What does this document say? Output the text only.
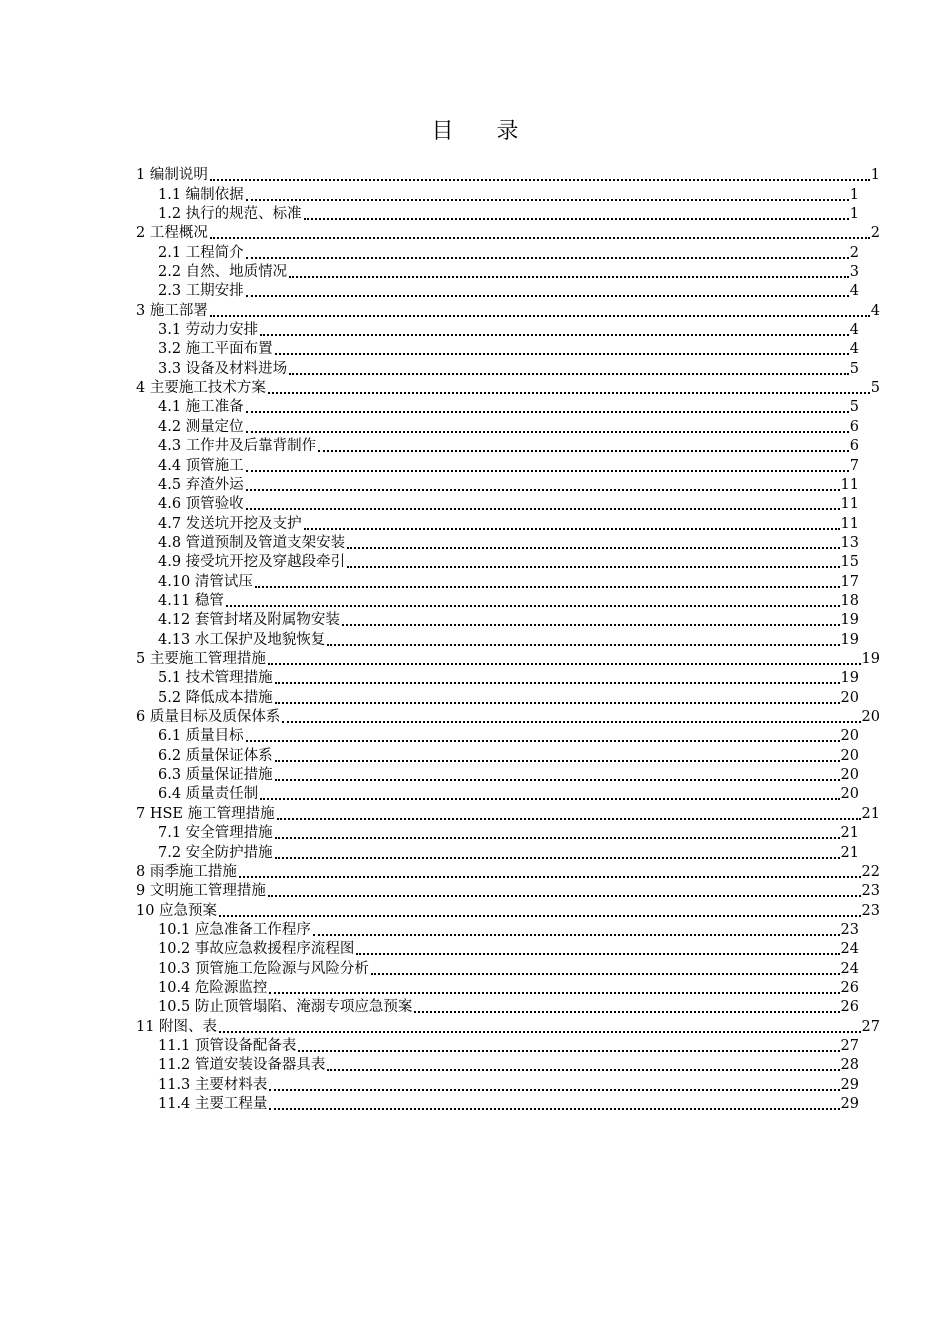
目 录
1 编制说明	1
1.1 编制依据	1
1.2 执行的规范、标准	1
2 工程概况	2
2.1 工程简介	2
2.2 自然、地质情况	3
2.3 工期安排	4
3 施工部署	4
3.1 劳动力安排	4
3.2 施工平面布置	4
3.3 设备及材料进场	5
4 主要施工技术方案	5
4.1 施工准备	5
4.2 测量定位	6
4.3 工作井及后靠背制作	6
4.4 顶管施工	7
4.5 弃渣外运	11
4.6 顶管验收	11
4.7 发送坑开挖及支护	11
4.8 管道预制及管道支架安装	13
4.9 接受坑开挖及穿越段牵引	15
4.10 清管试压	17
4.11 稳管	18
4.12 套管封堵及附属物安装	19
4.13 水工保护及地貌恢复	19
5 主要施工管理措施	19
5.1 技术管理措施	19
5.2 降低成本措施	20
6 质量目标及质保体系	20
6.1 质量目标	20
6.2 质量保证体系	20
6.3 质量保证措施	20
6.4 质量责任制	20
7 HSE 施工管理措施	21
7.1 安全管理措施	21
7.2 安全防护措施	21
8 雨季施工措施	22
9 文明施工管理措施	23
10 应急预案	23
10.1 应急准备工作程序	23
10.2 事故应急救援程序流程图	24
10.3 顶管施工危险源与风险分析	24
10.4 危险源监控	26
10.5 防止顶管塌陷、淹溺专项应急预案	26
11 附图、表	27
11.1 顶管设备配备表	27
11.2 管道安装设备器具表	28
11.3 主要材料表	29
11.4 主要工程量	29
